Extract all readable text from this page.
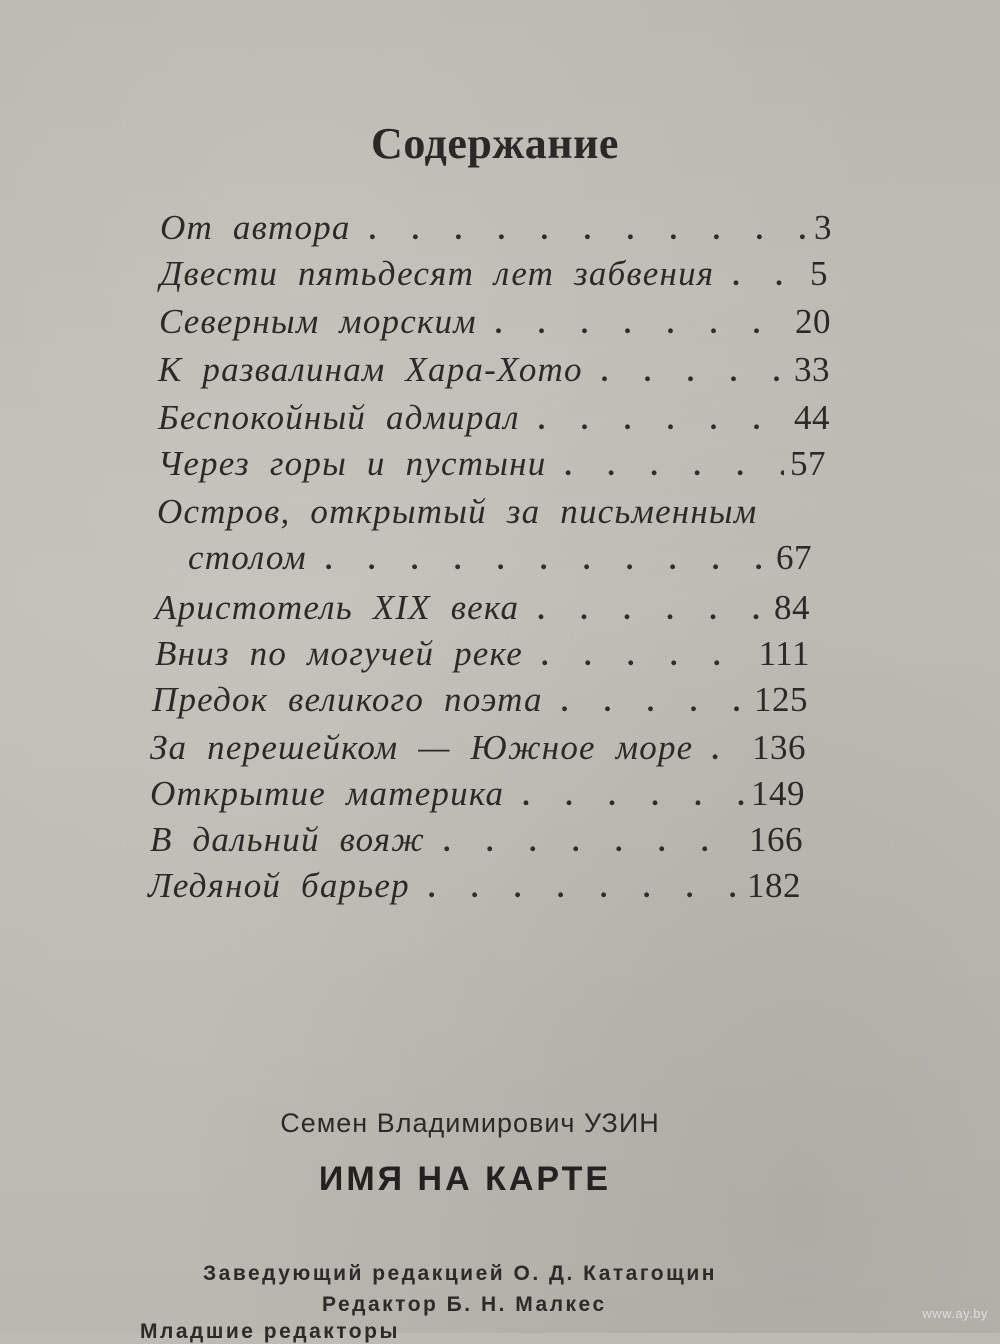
Содержание
От автора . . .	3
Двести пятьдесят лет забвения . . .	5
Северным морским . . .	20
К развалинам Хара-Хото . . .	33
Беспокойный адмирал . . .	44
Через горы и пустыни . . .	57
Остров, открытый за письменным
столом . . .	67
Аристотель XIX века . . .	84
Вниз по могучей реке . . .	111
Предок великого поэта . . .	125
За перешейком — Южное море . . . 136
Открытие материка . . .	149
В дальний вояж . . .	166
Ледяной барьер . . .	182
Семен Владимирович УЗИН
ИМЯ НА КАРТЕ
Заведующий редакцией О. Д. Катагощин
Редактор Б. Н. Малкес
Младшие редакторы
www.ay.by
